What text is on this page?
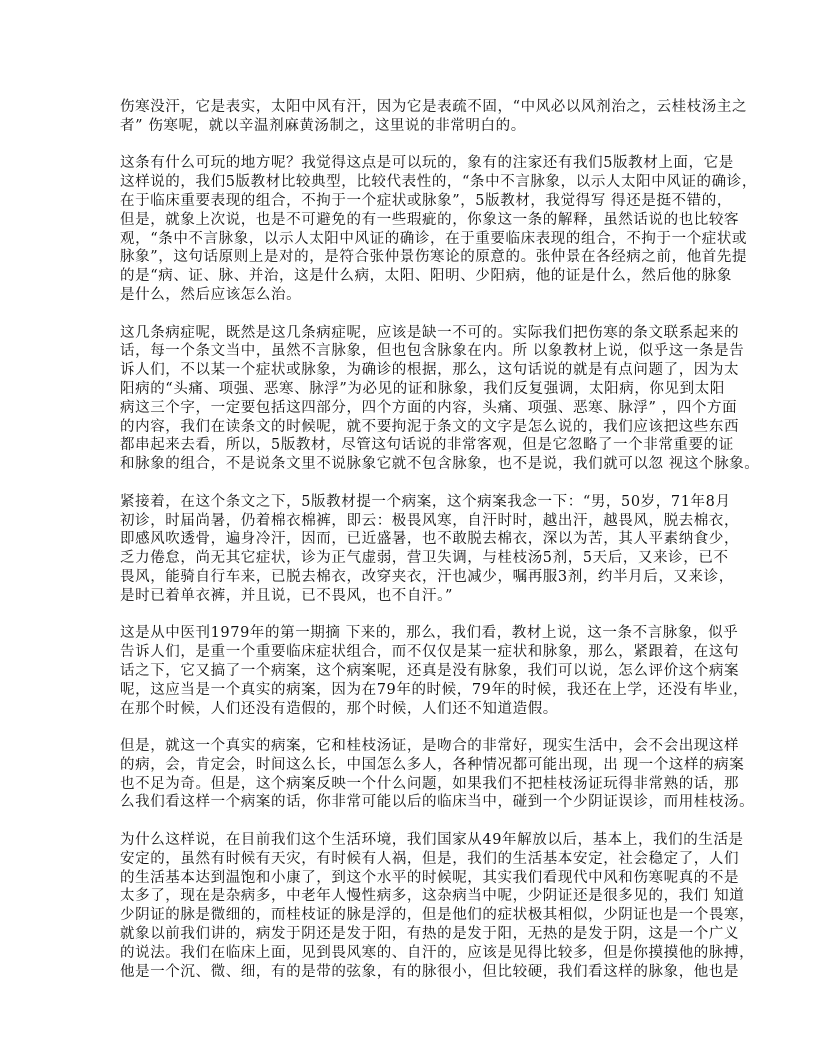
伤寒没汗，它是表实，太阳中风有汗，因为它是表疏不固，“中风必以风剂治之，云桂枝汤主之
者” 伤寒呢，就以辛温剂麻黄汤制之，这里说的非常明白的。
这条有什么可玩的地方呢？我觉得这点是可以玩的，象有的注家还有我们5版教材上面，它是
这样说的，我们5版教材比较典型，比较代表性的，“条中不言脉象，以示人太阳中风证的确诊，
在于临床重要表现的组合，不拘于一个症状或脉象”，5版教材，我觉得写 得还是挺不错的，
但是，就象上次说，也是不可避免的有一些瑕疵的，你象这一条的解释，虽然话说的也比较客
观，“条中不言脉象，以示人太阳中风证的确诊，在于重要临床表现的组合，不拘于一个症状或
脉象”，这句话原则上是对的，是符合张仲景伤寒论的原意的。张仲景在各经病之前，他首先提
的是“病、证、脉、并治，这是什么病，太阳、阳明、少阳病，他的证是什么，然后他的脉象
是什么，然后应该怎么治。
这几条病症呢，既然是这几条病症呢，应该是缺一不可的。实际我们把伤寒的条文联系起来的
话，每一个条文当中，虽然不言脉象，但也包含脉象在内。所 以象教材上说，似乎这一条是告
诉人们，不以某一个症状或脉象，为确诊的根据，那么，这句话说的就是有点问题了，因为太
阳病的“头痛、项强、恶寒、脉浮”为必见的证和脉象，我们反复强调，太阳病，你见到太阳
病这三个字，一定要包括这四部分，四个方面的内容，头痛、项强、恶寒、脉浮” ，四个方面
的内容，我们在读条文的时候呢，就不要拘泥于条文的文字是怎么说的，我们应该把这些东西
都串起来去看，所以，5版教材，尽管这句话说的非常客观，但是它忽略了一个非常重要的证
和脉象的组合，不是说条文里不说脉象它就不包含脉象，也不是说，我们就可以忽 视这个脉象。
紧接着，在这个条文之下，5版教材提一个病案，这个病案我念一下：“男，50岁，71年8月
初诊，时届尚暑，仍着棉衣棉裤，即云：极畏风寒，自汗时时，越出汗，越畏风，脱去棉衣，
即感风吹透骨，遍身冷汗，因而，已近盛暑，也不敢脱去棉衣，深以为苦，其人平素纳食少，
乏力倦怠，尚无其它症状，诊为正气虚弱，营卫失调，与桂枝汤5剂，5天后，又来诊，已不
畏风，能骑自行车来，已脱去棉衣，改穿夹衣，汗也减少，嘱再服3剂，约半月后，又来诊，
是时已着单衣裤，并且说，已不畏风，也不自汗。”
这是从中医刊1979年的第一期摘 下来的，那么，我们看，教材上说，这一条不言脉象，似乎
告诉人们，是重一个重要临床症状组合，而不仅仅是某一症状和脉象，那么，紧跟着，在这句
话之下，它又搞了一个病案，这个病案呢，还真是没有脉象，我们可以说，怎么评价这个病案
呢，这应当是一个真实的病案，因为在79年的时候，79年的时候，我还在上学，还没有毕业，
在那个时候，人们还没有造假的，那个时候，人们还不知道造假。
但是，就这一个真实的病案，它和桂枝汤证，是吻合的非常好，现实生活中，会不会出现这样
的病，会，肯定会，时间这么长，中国怎么多人，各种情况都可能出现，出 现一个这样的病案
也不足为奇。但是，这个病案反映一个什么问题，如果我们不把桂枝汤证玩得非常熟的话，那
么我们看这样一个病案的话，你非常可能以后的临床当中，碰到一个少阴证误诊，而用桂枝汤。
为什么这样说，在目前我们这个生活环境，我们国家从49年解放以后，基本上，我们的生活是
安定的，虽然有时候有天灾，有时候有人祸，但是，我们的生活基本安定，社会稳定了，人们
的生活基本达到温饱和小康了，到这个水平的时候呢，其实我们看现代中风和伤寒呢真的不是
太多了，现在是杂病多，中老年人慢性病多，这杂病当中呢，少阴证还是很多见的，我们 知道
少阴证的脉是微细的，而桂枝证的脉是浮的，但是他们的症状极其相似，少阴证也是一个畏寒，
就象以前我们讲的，病发于阴还是发于阳，有热的是发于阳，无热的是发于阴，这是一个广义
的说法。我们在临床上面，见到畏风寒的、自汗的，应该是见得比较多，但是你摸摸他的脉搏，
他是一个沉、微、细，有的是带的弦象，有的脉很小，但比较硬，我们看这样的脉象，他也是
